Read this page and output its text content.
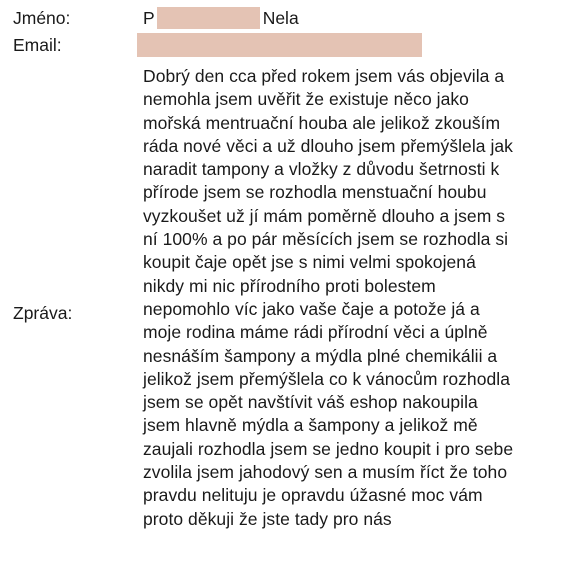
Jméno:	P	Nela
Email:
Zpráva:

Dobrý den cca před rokem jsem vás objevila a
nemohla jsem uvěřit že existuje něco jako
mořská mentruační houba ale jelikož zkouším
ráda nové věci a už dlouho jsem přemýšlela jak
naradit tampony a vložky z důvodu šetrnosti k
přírode jsem se rozhodla menstuační houbu
vyzkoušet už jí mám poměrně dlouho a jsem s
ní 100% a po pár měsících jsem se rozhodla si
koupit čaje opět jse s nimi velmi spokojená
nikdy mi nic přírodního proti bolestem
nepomohlo víc jako vaše čaje a potože já a
moje rodina máme rádi přírodní věci a úplně
nesnáším šampony a mýdla plné chemikálii a
jelikož jsem přemýšlela co k vánocům rozhodla
jsem se opět navštívit váš eshop nakoupila
jsem hlavně mýdla a šampony a jelikož mě
zaujali rozhodla jsem se jedno koupit i pro sebe
zvolila jsem jahodový sen a musím říct že toho
pravdu nelituju je opravdu úžasné moc vám
proto děkuji že jste tady pro nás
